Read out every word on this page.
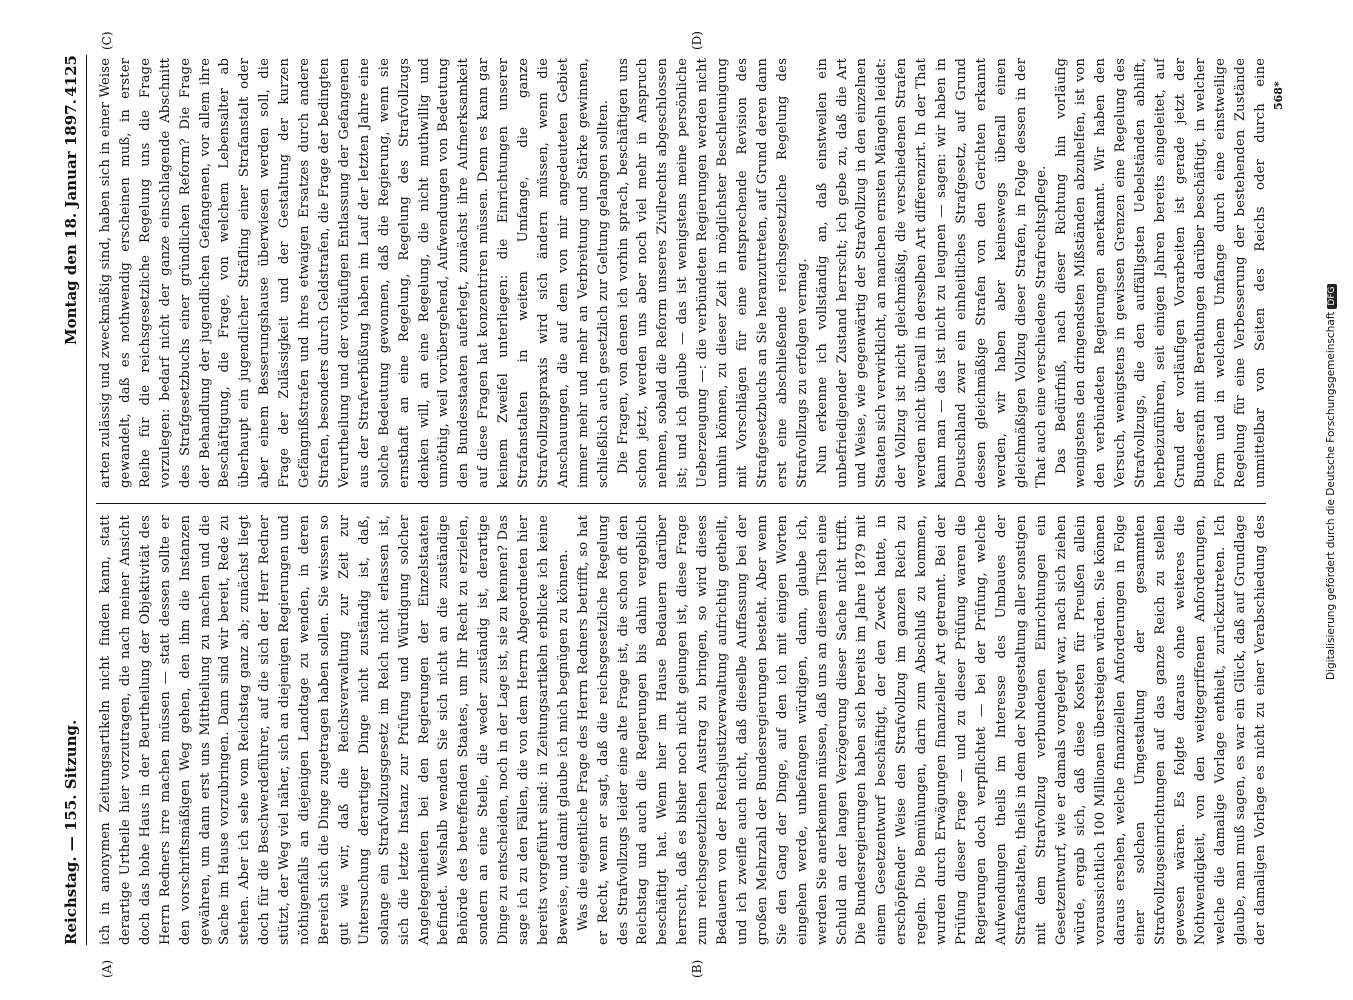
Reichstag. — 155. Sitzung.
Montag den 18. Januar 1897.
4125
(A)	(B)
(C)	(D)

ich in anonymen Zeitungsartikeln nicht finden kann, statt derartige Urtheile hier vorzutragen, die nach meiner Ansicht doch das hohe Haus in der Beurtheilung der Objektivität des Herrn Redners irre machen müssen — statt dessen sollte er den vorschriftsmäßigen Weg gehen, den ihm die Instanzen gewähren, um dann erst uns Mittheilung zu machen und die Sache im Hause vorzubringen. Dann sind wir bereit, Rede zu stehen. Aber ich sehe vom Reichstag ganz ab; zunächst liegt doch für die Beschwerdeführer, auf die sich der Herr Redner stützt, der Weg viel näher, sich an diejenigen Regierungen und nöthigenfalls an diejenigen Landtage zu wenden, in deren Bereich sich die Dinge zugetragen haben sollen. Sie wissen so gut wie wir, daß die Reichsverwaltung zur Zeit zur Untersuchung derartiger Dinge nicht zuständig ist, daß, solange ein Strafvollzugsgesetz im Reich nicht erlassen ist, sich die letzte Instanz zur Prüfung und Würdigung solcher Angelegenheiten bei den Regierungen der Einzelstaaten befindet. Weshalb wenden Sie sich nicht an die zuständige Behörde des betreffenden Staates, um Ihr Recht zu erzielen, sondern an eine Stelle, die weder zuständig ist, derartige Dinge zu entscheiden, noch in der Lage ist, sie zu kennen? Das sage ich zu den Fällen, die von dem Herrn Abgeordneten hier bereits vorgeführt sind: in Zeitungsartikeln erblicke ich keine Beweise, und damit glaube ich mich begnügen zu können. Was die eigentliche Frage des Herrn Redners betrifft, so hat er Recht, wenn er sagt, daß die reichsgesetzliche Regelung des Strafvollzugs leider eine alte Frage ist, die schon oft den Reichstag und auch die Regierungen bis dahin vergeblich beschäftigt hat. Wenn hier im Hause Bedauern darüber herrscht, daß es bisher noch nicht gelungen ist, diese Frage zum reichsgesetzlichen Austrag zu bringen, so wird dieses Bedauern von der Reichsjustizverwaltung aufrichtig getheilt, und ich zweifle auch nicht, daß dieselbe Auffassung bei der großen Mehrzahl der Bundesregierungen besteht. Aber wenn Sie den Gang der Dinge, auf den ich mit einigen Worten eingehen werde, unbefangen würdigen, dann, glaube ich, werden Sie anerkennen müssen, daß uns an diesem Tisch eine Schuld an der langen Verzögerung dieser Sache nicht trifft. Die Bundesregierungen haben sich bereits im Jahre 1879 mit einem Gesetzentwurf beschäftigt, der den Zweck hatte, in erschöpfender Weise den Strafvollzug im ganzen Reich zu regeln. Die Bemühungen, darin zum Abschluß zu kommen, wurden durch Erwägungen finanzieller Art getrennt. Bei der Prüfung dieser Frage — und zu dieser Prüfung waren die Regierungen doch verpflichtet — bei der Prüfung, welche Aufwendungen theils im Interesse des Umbaues der Strafanstalten, theils in dem der Neugestaltung aller sonstigen mit dem Strafvollzug verbundenen Einrichtungen ein Gesetzentwurf, wie er damals vorgelegt war, nach sich ziehen würde, ergab sich, daß diese Kosten für Preußen allein voraussichtlich 100 Millionen übersteigen würden. Sie können daraus ersehen, welche finanziellen Anforderungen in Folge einer solchen Umgestaltung der gesammten Strafvollzugseinrichtungen auf das ganze Reich zu stellen gewesen wären. Es folgte daraus ohne weiteres die Nothwendigkeit, von den weitgegriffenen Anforderungen, welche die damalige Vorlage enthielt, zurückzutreten. Ich glaube, man muß sagen, es war ein Glück, daß auf Grundlage der damaligen Vorlage es nicht zu einer Verabschiedung des

arten zulässig und zweckmäßig sind, haben sich in einer Weise gewandelt, daß es nothwendig erscheinen muß, in erster Reihe für die reichsgesetzliche Regelung uns die Frage vorzulegen: bedarf nicht der ganze einschlagende Abschnitt des Strafgesetzbuchs einer gründlichen Reform? Die Frage der Behandlung der jugendlichen Gefangenen, vor allem ihre Beschäftigung, die Frage, von welchem Lebensalter ab überhaupt ein jugendlicher Sträfling einer Strafanstalt oder aber einem Besserungshause überwiesen werden soll, die Frage der Zulässigkeit und der Gestaltung der kurzen Gefängnißstrafen und ihres etwaigen Ersatzes durch andere Strafen, besonders durch Geldstrafen, die Frage der bedingten Verurtheilung und der vorläufigen Entlassung der Gefangenen aus der Strafverbüßung haben im Lauf der letzten Jahre eine solche Bedeutung gewonnen, daß die Regierung, wenn sie ernsthaft an eine Regelung, Regelung des Strafvollzugs denken will, an eine Regelung, die nicht muthwillig und unnöthig, weil vorübergehend, Aufwendungen von Bedeutung den Bundesstaaten auferlegt, zunächst ihre Aufmerksamkeit auf diese Fragen hat konzentriren müssen. Denn es kann gar keinem Zweifel unterliegen: die Einrichtungen unserer Strafanstalten in weitem Umfange, die ganze Strafvollzugspraxis wird sich ändern müssen, wenn die Anschauungen, die auf dem von mir angedeuteten Gebiet immer mehr und mehr an Verbreitung und Stärke gewinnen, schließlich auch gesetzlich zur Geltung gelangen sollten. Die Fragen, von denen ich vorhin sprach, beschäftigen uns schon jetzt, werden uns aber noch viel mehr in Anspruch nehmen, sobald die Reform unseres Zivilrechts abgeschlossen ist; und ich glaube — das ist wenigstens meine persönliche Ueberzeugung —: die verbündeten Regierungen werden nicht umhin können, zu dieser Zeit in möglichster Beschleunigung mit Vorschlägen für eine entsprechende Revision des Strafgesetzbuchs an Sie heranzutreten, auf Grund deren dann erst eine abschließende reichsgesetzliche Regelung des Strafvollzugs zu erfolgen vermag. Nun erkenne ich vollständig an, daß einstweilen ein unbefriedigender Zustand herrscht; ich gebe zu, daß die Art und Weise, wie gegenwärtig der Strafvollzug in den einzelnen Staaten sich verwirklicht, an manchen ernsten Mängeln leidet: der Vollzug ist nicht gleichmäßig, die verschiedenen Strafen werden nicht überall in derselben Art differenzirt. In der That kann man — das ist nicht zu leugnen — sagen: wir haben in Deutschland zwar ein einheitliches Strafgesetz, auf Grund dessen gleichmäßige Strafen von den Gerichten erkannt werden, wir haben aber keineswegs überall einen gleichmäßigen Vollzug dieser Strafen, in Folge dessen in der That auch eine verschiedene Strafrechtspflege. Das Bedürfniß, nach dieser Richtung hin vorläufig wenigstens den dringendsten Mißständen abzuhelfen, ist von den verbündeten Regierungen anerkannt. Wir haben den Versuch, wenigstens in gewissen Grenzen eine Regelung des Strafvollzugs, die den auffälligsten Uebelständen abhilft, herbeizuführen, seit einigen Jahren bereits eingeleitet, auf Grund der vorläufigen Vorarbeiten ist gerade jetzt der Bundesrath mit Berathungen darüber beschäftigt, in welcher Form und in welchem Umfange durch eine einstweilige Regelung für eine Verbesserung der bestehenden Zustände unmittelbar von Seiten des Reichs oder durch eine

568*
Digitalisierung gefördert durch die Deutsche ForschungsgemeinschaftDFG
